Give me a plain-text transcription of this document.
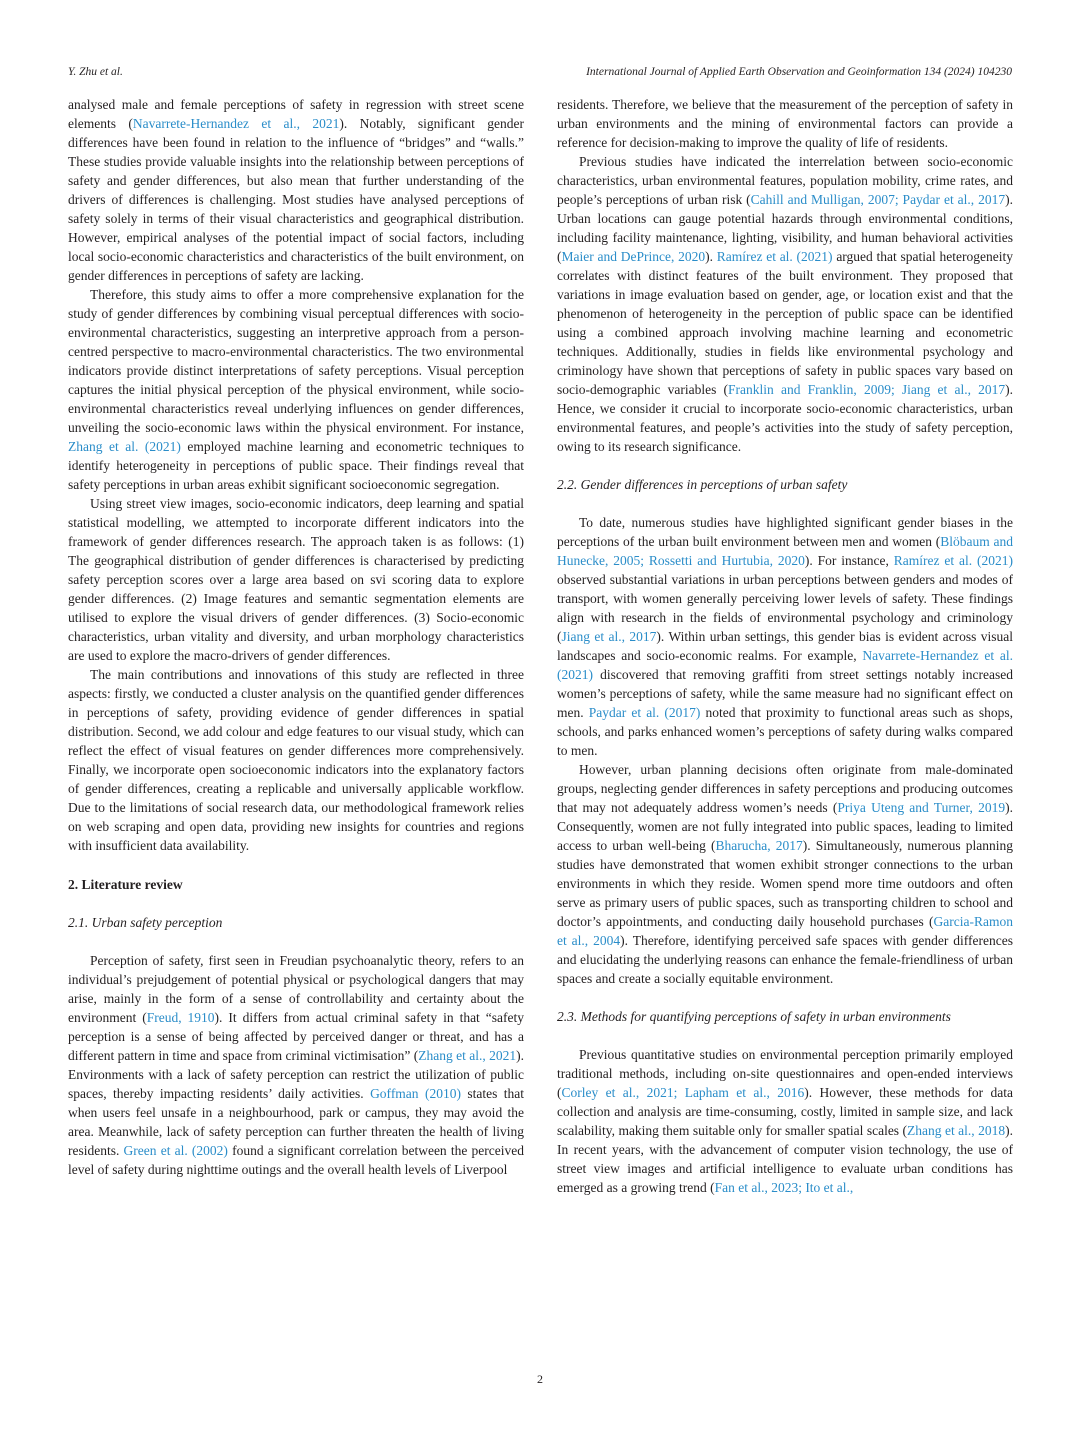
Y. Zhu et al.	International Journal of Applied Earth Observation and Geoinformation 134 (2024) 104230

analysed male and female perceptions of safety in regression with street scene elements (Navarrete-Hernandez et al., 2021). Notably, significant gender differences have been found in relation to the influence of “bridges” and “walls.” These studies provide valuable insights into the relationship between perceptions of safety and gender differences, but also mean that further understanding of the drivers of differences is challenging. Most studies have analysed perceptions of safety solely in terms of their visual characteristics and geographical distribution. However, empirical analyses of the potential impact of social factors, including local socio-economic characteristics and characteristics of the built environment, on gender differences in perceptions of safety are lacking.

Therefore, this study aims to offer a more comprehensive explanation for the study of gender differences by combining visual perceptual differences with socio-environmental characteristics, suggesting an interpretive approach from a person-centred perspective to macro-environmental characteristics. The two environmental indicators provide distinct interpretations of safety perceptions. Visual perception captures the initial physical perception of the physical environment, while socio-environmental characteristics reveal underlying influences on gender differences, unveiling the socio-economic laws within the physical environment. For instance, Zhang et al. (2021) employed machine learning and econometric techniques to identify heterogeneity in perceptions of public space. Their findings reveal that safety perceptions in urban areas exhibit significant socioeconomic segregation.

Using street view images, socio-economic indicators, deep learning and spatial statistical modelling, we attempted to incorporate different indicators into the framework of gender differences research. The approach taken is as follows: (1) The geographical distribution of gender differences is characterised by predicting safety perception scores over a large area based on svi scoring data to explore gender differences. (2) Image features and semantic segmentation elements are utilised to explore the visual drivers of gender differences. (3) Socio-economic characteristics, urban vitality and diversity, and urban morphology characteristics are used to explore the macro-drivers of gender differences.

The main contributions and innovations of this study are reflected in three aspects: firstly, we conducted a cluster analysis on the quantified gender differences in perceptions of safety, providing evidence of gender differences in spatial distribution. Second, we add colour and edge features to our visual study, which can reflect the effect of visual features on gender differences more comprehensively. Finally, we incorporate open socioeconomic indicators into the explanatory factors of gender differences, creating a replicable and universally applicable workflow. Due to the limitations of social research data, our methodological framework relies on web scraping and open data, providing new insights for countries and regions with insufficient data availability.

2. Literature review
2.1. Urban safety perception

Perception of safety, first seen in Freudian psychoanalytic theory, refers to an individual’s prejudgement of potential physical or psychological dangers that may arise, mainly in the form of a sense of controllability and certainty about the environment (Freud, 1910). It differs from actual criminal safety in that “safety perception is a sense of being affected by perceived danger or threat, and has a different pattern in time and space from criminal victimisation” (Zhang et al., 2021). Environments with a lack of safety perception can restrict the utilization of public spaces, thereby impacting residents’ daily activities. Goffman (2010) states that when users feel unsafe in a neighbourhood, park or campus, they may avoid the area. Meanwhile, lack of safety perception can further threaten the health of living residents. Green et al. (2002) found a significant correlation between the perceived level of safety during nighttime outings and the overall health levels of Liverpool

residents. Therefore, we believe that the measurement of the perception of safety in urban environments and the mining of environmental factors can provide a reference for decision-making to improve the quality of life of residents.

Previous studies have indicated the interrelation between socio-economic characteristics, urban environmental features, population mobility, crime rates, and people’s perceptions of urban risk (Cahill and Mulligan, 2007; Paydar et al., 2017). Urban locations can gauge potential hazards through environmental conditions, including facility maintenance, lighting, visibility, and human behavioral activities (Maier and DePrince, 2020). Ramírez et al. (2021) argued that spatial heterogeneity correlates with distinct features of the built environment. They proposed that variations in image evaluation based on gender, age, or location exist and that the phenomenon of heterogeneity in the perception of public space can be identified using a combined approach involving machine learning and econometric techniques. Additionally, studies in fields like environmental psychology and criminology have shown that perceptions of safety in public spaces vary based on socio-demographic variables (Franklin and Franklin, 2009; Jiang et al., 2017). Hence, we consider it crucial to incorporate socio-economic characteristics, urban environmental features, and people’s activities into the study of safety perception, owing to its research significance.

2.2. Gender differences in perceptions of urban safety

To date, numerous studies have highlighted significant gender biases in the perceptions of the urban built environment between men and women (Blöbaum and Hunecke, 2005; Rossetti and Hurtubia, 2020). For instance, Ramírez et al. (2021) observed substantial variations in urban perceptions between genders and modes of transport, with women generally perceiving lower levels of safety. These findings align with research in the fields of environmental psychology and criminology (Jiang et al., 2017). Within urban settings, this gender bias is evident across visual landscapes and socio-economic realms. For example, Navarrete-Hernandez et al. (2021) discovered that removing graffiti from street settings notably increased women’s perceptions of safety, while the same measure had no significant effect on men. Paydar et al. (2017) noted that proximity to functional areas such as shops, schools, and parks enhanced women’s perceptions of safety during walks compared to men.

However, urban planning decisions often originate from male-dominated groups, neglecting gender differences in safety perceptions and producing outcomes that may not adequately address women’s needs (Priya Uteng and Turner, 2019). Consequently, women are not fully integrated into public spaces, leading to limited access to urban well-being (Bharucha, 2017). Simultaneously, numerous planning studies have demonstrated that women exhibit stronger connections to the urban environments in which they reside. Women spend more time outdoors and often serve as primary users of public spaces, such as transporting children to school and doctor’s appointments, and conducting daily household purchases (Garcia-Ramon et al., 2004). Therefore, identifying perceived safe spaces with gender differences and elucidating the underlying reasons can enhance the female-friendliness of urban spaces and create a socially equitable environment.

2.3. Methods for quantifying perceptions of safety in urban environments

Previous quantitative studies on environmental perception primarily employed traditional methods, including on-site questionnaires and open-ended interviews (Corley et al., 2021; Lapham et al., 2016). However, these methods for data collection and analysis are time-consuming, costly, limited in sample size, and lack scalability, making them suitable only for smaller spatial scales (Zhang et al., 2018). In recent years, with the advancement of computer vision technology, the use of street view images and artificial intelligence to evaluate urban conditions has emerged as a growing trend (Fan et al., 2023; Ito et al.,

2
